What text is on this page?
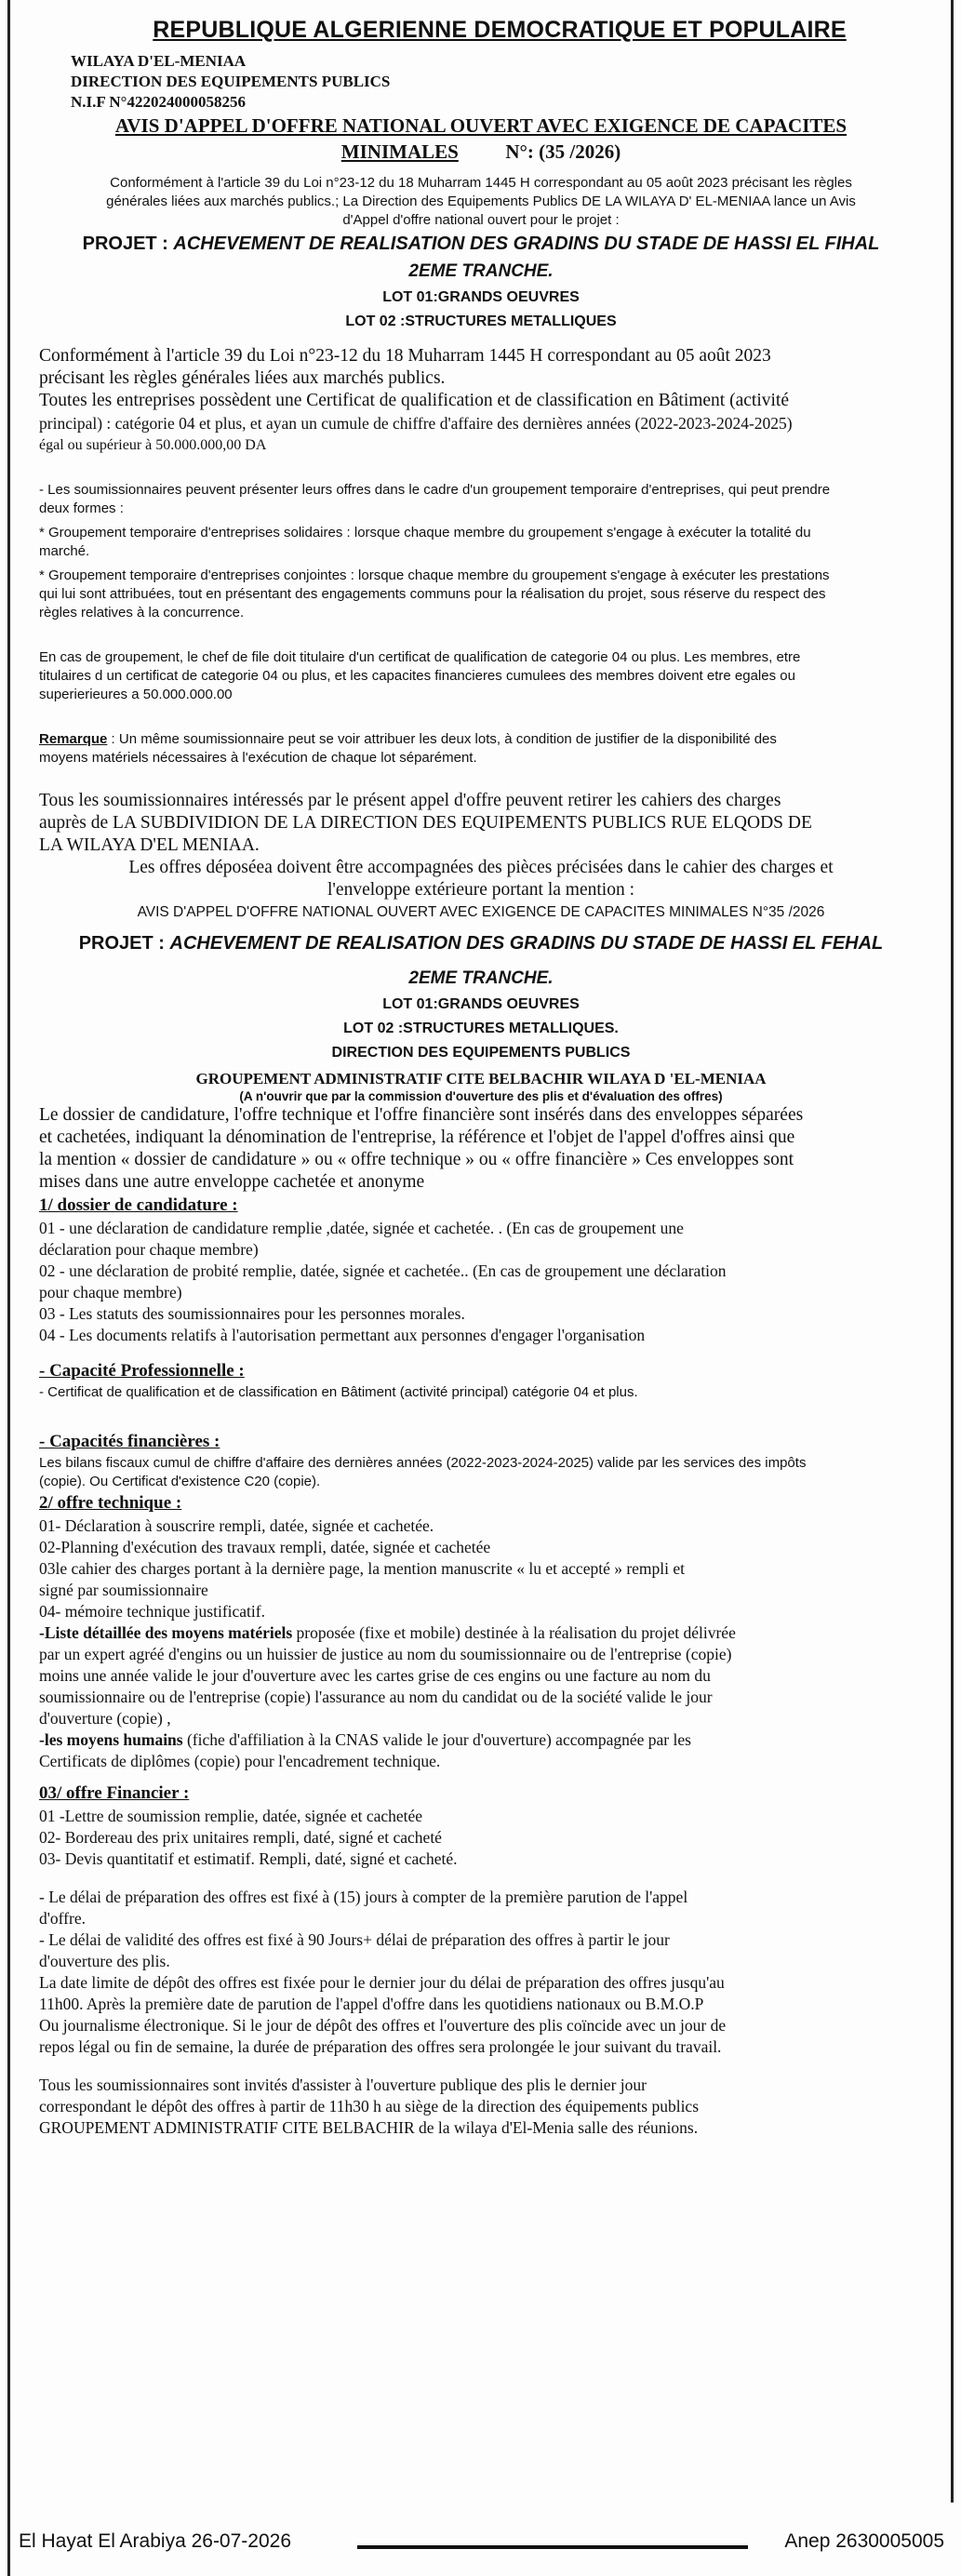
REPUBLIQUE ALGERIENNE DEMOCRATIQUE ET POPULAIRE
WILAYA D'EL-MENIAA
DIRECTION DES EQUIPEMENTS PUBLICS
N.I.F N°422024000058256
AVIS D'APPEL D'OFFRE NATIONAL OUVERT AVEC EXIGENCE DE CAPACITES
MINIMALES N°: (35 /2026)
Conformément à l'article 39 du Loi n°23-12 du 18 Muharram 1445 H correspondant au 05 août 2023 précisant les règles
générales liées aux marchés publics.; La Direction des Equipements Publics DE LA WILAYA D' EL-MENIAA lance un Avis
d'Appel d'offre national ouvert pour le projet :
PROJET : ACHEVEMENT DE REALISATION DES GRADINS DU STADE DE HASSI EL FIHAL
2EME TRANCHE.
LOT 01:GRANDS OEUVRES
LOT 02 :STRUCTURES METALLIQUES

Conformément à l'article 39 du Loi n°23-12 du 18 Muharram 1445 H correspondant au 05 août 2023

précisant les règles générales liées aux marchés publics.

Toutes les entreprises possèdent une Certificat de qualification et de classification en Bâtiment (activité

principal) : catégorie 04 et plus, et ayan un cumule de chiffre d'affaire des dernières années (2022-2023-2024-2025)

égal ou supérieur à 50.000.000,00 DA

- Les soumissionnaires peuvent présenter leurs offres dans le cadre d'un groupement temporaire d'entreprises, qui peut prendre

deux formes :

* Groupement temporaire d'entreprises solidaires : lorsque chaque membre du groupement s'engage à exécuter la totalité du

marché.

* Groupement temporaire d'entreprises conjointes : lorsque chaque membre du groupement s'engage à exécuter les prestations

qui lui sont attribuées, tout en présentant des engagements communs pour la réalisation du projet, sous réserve du respect des

règles relatives à la concurrence.

En cas de groupement, le chef de file doit titulaire d'un certificat de qualification de categorie 04 ou plus. Les membres, etre

titulaires d un certificat de categorie 04 ou plus, et les capacites financieres cumulees des membres doivent etre egales ou

superierieures a 50.000.000.00

Remarque : Un même soumissionnaire peut se voir attribuer les deux lots, à condition de justifier de la disponibilité des

moyens matériels nécessaires à l'exécution de chaque lot séparément.

Tous les soumissionnaires intéressés par le présent appel d'offre peuvent retirer les cahiers des charges

auprès de LA SUBDIVIDION DE LA DIRECTION DES EQUIPEMENTS PUBLICS RUE ELQODS DE

LA WILAYA D'EL MENIAA.

Les offres déposéea doivent être accompagnées des pièces précisées dans le cahier des charges et

l'enveloppe extérieure portant la mention :

AVIS D'APPEL D'OFFRE NATIONAL OUVERT AVEC EXIGENCE DE CAPACITES MINIMALES N°35 /2026

PROJET : ACHEVEMENT DE REALISATION DES GRADINS DU STADE DE HASSI EL FEHAL
2EME TRANCHE.
LOT 01:GRANDS OEUVRES
LOT 02 :STRUCTURES METALLIQUES.
DIRECTION DES EQUIPEMENTS PUBLICS
GROUPEMENT ADMINISTRATIF CITE BELBACHIR WILAYA D 'EL-MENIAA
(A n'ouvrir que par la commission d'ouverture des plis et d'évaluation des offres)

Le dossier de candidature, l'offre technique et l'offre financière sont insérés dans des enveloppes séparées

et cachetées, indiquant la dénomination de l'entreprise, la référence et l'objet de l'appel d'offres ainsi que

la mention « dossier de candidature » ou « offre technique » ou « offre financière » Ces enveloppes sont

mises dans une autre enveloppe cachetée et anonyme

1/ dossier de candidature :

01 - une déclaration de candidature remplie ,datée, signée et cachetée. . (En cas de groupement une

déclaration pour chaque membre)

02 - une déclaration de probité remplie, datée, signée et cachetée.. (En cas de groupement une déclaration

pour chaque membre)

03 - Les statuts des soumissionnaires pour les personnes morales.

04 - Les documents relatifs à l'autorisation permettant aux personnes d'engager l'organisation

- Capacité Professionnelle :

- Certificat de qualification et de classification en Bâtiment (activité principal) catégorie 04 et plus.

- Capacités financières :

Les bilans fiscaux cumul de chiffre d'affaire des dernières années (2022-2023-2024-2025) valide par les services des impôts

(copie). Ou Certificat d'existence C20 (copie).

2/ offre technique :

01- Déclaration à souscrire rempli, datée, signée et cachetée.

02-Planning d'exécution des travaux rempli, datée, signée et cachetée

03le cahier des charges portant à la dernière page, la mention manuscrite « lu et accepté » rempli et

signé par soumissionnaire

04- mémoire technique justificatif.

-Liste détaillée des moyens matériels proposée (fixe et mobile) destinée à la réalisation du projet délivrée

par un expert agréé d'engins ou un huissier de justice au nom du soumissionnaire ou de l'entreprise (copie)

moins une année valide le jour d'ouverture avec les cartes grise de ces engins ou une facture au nom du

soumissionnaire ou de l'entreprise (copie) l'assurance au nom du candidat ou de la société valide le jour

d'ouverture (copie) ,

-les moyens humains (fiche d'affiliation à la CNAS valide le jour d'ouverture) accompagnée par les

Certificats de diplômes (copie) pour l'encadrement technique.

03/ offre Financier :

01 -Lettre de soumission remplie, datée, signée et cachetée

02- Bordereau des prix unitaires rempli, daté, signé et cacheté

03- Devis quantitatif et estimatif. Rempli, daté, signé et cacheté.

- Le délai de préparation des offres est fixé à (15) jours à compter de la première parution de l'appel

d'offre.

- Le délai de validité des offres est fixé à 90 Jours+ délai de préparation des offres à partir le jour

d'ouverture des plis.

La date limite de dépôt des offres est fixée pour le dernier jour du délai de préparation des offres jusqu'au

11h00. Après la première date de parution de l'appel d'offre dans les quotidiens nationaux ou B.M.O.P

Ou journalisme électronique. Si le jour de dépôt des offres et l'ouverture des plis coïncide avec un jour de

repos légal ou fin de semaine, la durée de préparation des offres sera prolongée le jour suivant du travail.

Tous les soumissionnaires sont invités d'assister à l'ouverture publique des plis le dernier jour

correspondant le dépôt des offres à partir de 11h30 h au siège de la direction des équipements publics

GROUPEMENT ADMINISTRATIF CITE BELBACHIR de la wilaya d'El-Menia salle des réunions.

El Hayat El Arabiya 26-07-2026	Anep 2630005005
